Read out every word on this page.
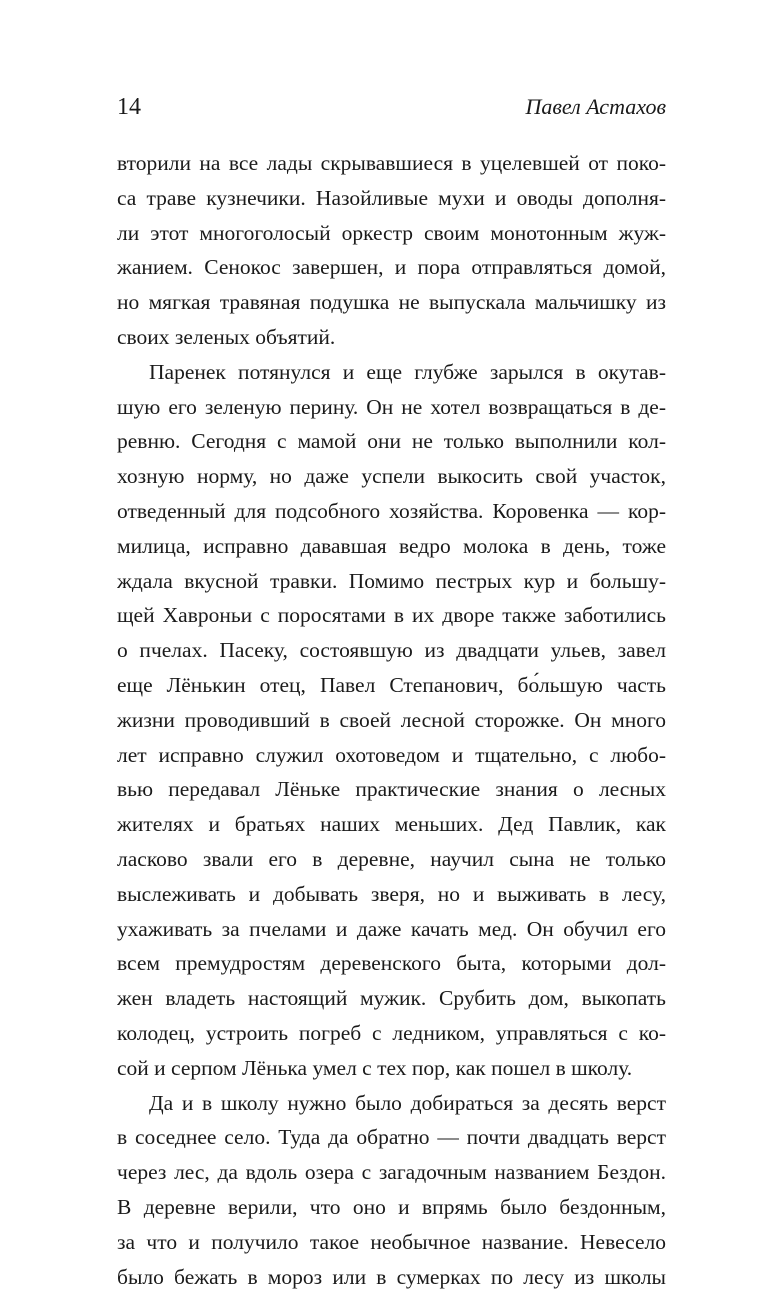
14	Павел Астахов
вторили на все лады скрывавшиеся в уцелевшей от поко-
са траве кузнечики. Назойливые мухи и оводы дополня-
ли этот многоголосый оркестр своим монотонным жуж-
жанием. Сенокос завершен, и пора отправляться домой,
но мягкая травяная подушка не выпускала мальчишку из
своих зеленых объятий.
Паренек потянулся и еще глубже зарылся в окутав-
шую его зеленую перину. Он не хотел возвращаться в де-
ревню. Сегодня с мамой они не только выполнили кол-
хозную норму, но даже успели выкосить свой участок,
отведенный для подсобного хозяйства. Коровенка — кор-
милица, исправно дававшая ведро молока в день, тоже
ждала вкусной травки. Помимо пестрых кур и большу-
щей Хавроньи с поросятами в их дворе также заботились
о пчелах. Пасеку, состоявшую из двадцати ульев, завел
еще Лёнькин отец, Павел Степанович, бо́льшую часть
жизни проводивший в своей лесной сторожке. Он много
лет исправно служил охотоведом и тщательно, с любо-
вью передавал Лёньке практические знания о лесных
жителях и братьях наших меньших. Дед Павлик, как
ласково звали его в деревне, научил сына не только
выслеживать и добывать зверя, но и выживать в лесу,
ухаживать за пчелами и даже качать мед. Он обучил его
всем премудростям деревенского быта, которыми дол-
жен владеть настоящий мужик. Срубить дом, выкопать
колодец, устроить погреб с ледником, управляться с ко-
сой и серпом Лёнька умел с тех пор, как пошел в школу.
Да и в школу нужно было добираться за десять верст
в соседнее село. Туда да обратно — почти двадцать верст
через лес, да вдоль озера с загадочным названием Бездон.
В деревне верили, что оно и впрямь было бездонным,
за что и получило такое необычное название. Невесело
было бежать в мороз или в сумерках по лесу из школы
